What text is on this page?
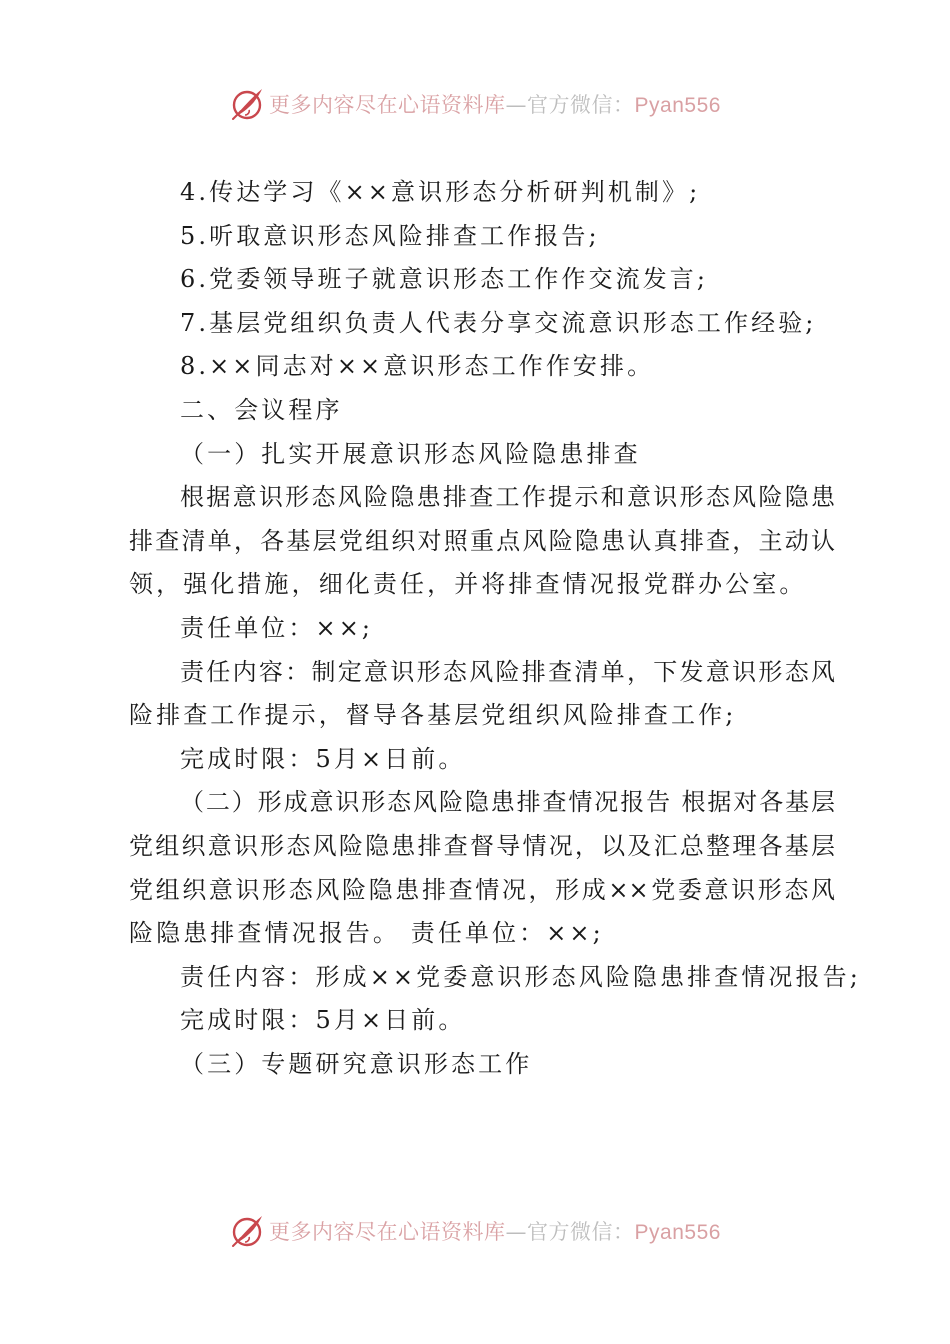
更多内容尽在心语资料库—官方微信：Pyan556
4.传达学习《××意识形态分析研判机制》;
5.听取意识形态风险排查工作报告;
6.党委领导班子就意识形态工作作交流发言;
7.基层党组织负责人代表分享交流意识形态工作经验;
8.××同志对××意识形态工作作安排。
二、会议程序
（一）扎实开展意识形态风险隐患排查
根据意识形态风险隐患排查工作提示和意识形态风险隐患
排查清单，各基层党组织对照重点风险隐患认真排查，主动认
领，强化措施，细化责任，并将排查情况报党群办公室。
责任单位：××;
责任内容：制定意识形态风险排查清单，下发意识形态风
险排查工作提示，督导各基层党组织风险排查工作;
完成时限：5月×日前。
（二）形成意识形态风险隐患排查情况报告 根据对各基层
党组织意识形态风险隐患排查督导情况，以及汇总整理各基层
党组织意识形态风险隐患排查情况，形成××党委意识形态风
险隐患排查情况报告。 责任单位：××;
责任内容：形成××党委意识形态风险隐患排查情况报告;
完成时限：5月×日前。
（三）专题研究意识形态工作
更多内容尽在心语资料库—官方微信：Pyan556
